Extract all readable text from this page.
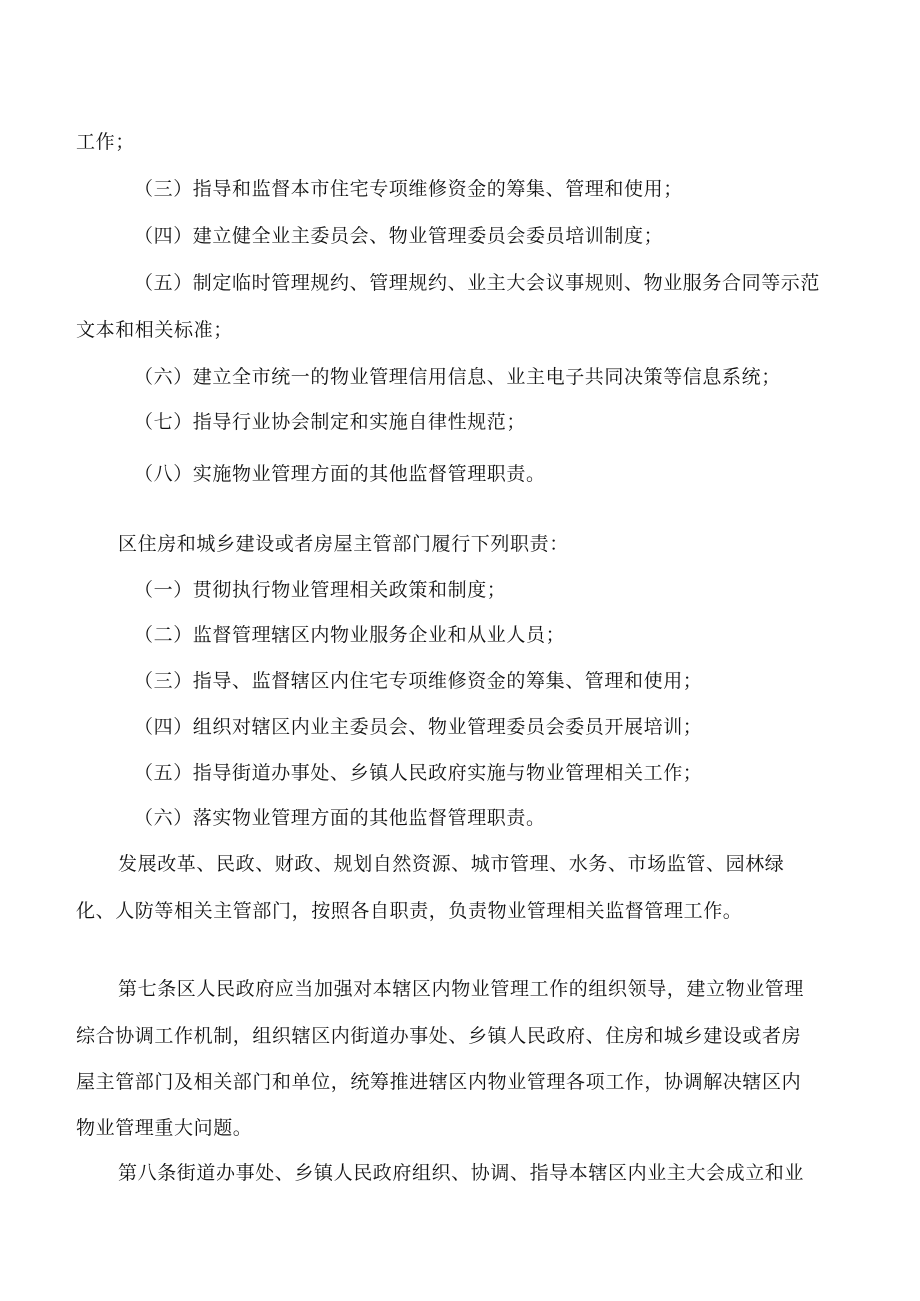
工作；
（三）指导和监督本市住宅专项维修资金的筹集、管理和使用；
（四）建立健全业主委员会、物业管理委员会委员培训制度；
（五）制定临时管理规约、管理规约、业主大会议事规则、物业服务合同等示范
文本和相关标准；
（六）建立全市统一的物业管理信用信息、业主电子共同决策等信息系统；
（七）指导行业协会制定和实施自律性规范；
（八）实施物业管理方面的其他监督管理职责。
区住房和城乡建设或者房屋主管部门履行下列职责：
（一）贯彻执行物业管理相关政策和制度；
（二）监督管理辖区内物业服务企业和从业人员；
（三）指导、监督辖区内住宅专项维修资金的筹集、管理和使用；
（四）组织对辖区内业主委员会、物业管理委员会委员开展培训；
（五）指导街道办事处、乡镇人民政府实施与物业管理相关工作；
（六）落实物业管理方面的其他监督管理职责。
发展改革、民政、财政、规划自然资源、城市管理、水务、市场监管、园林绿
化、人防等相关主管部门，按照各自职责，负责物业管理相关监督管理工作。
第七条区人民政府应当加强对本辖区内物业管理工作的组织领导，建立物业管理
综合协调工作机制，组织辖区内街道办事处、乡镇人民政府、住房和城乡建设或者房
屋主管部门及相关部门和单位，统筹推进辖区内物业管理各项工作，协调解决辖区内
物业管理重大问题。
第八条街道办事处、乡镇人民政府组织、协调、指导本辖区内业主大会成立和业
